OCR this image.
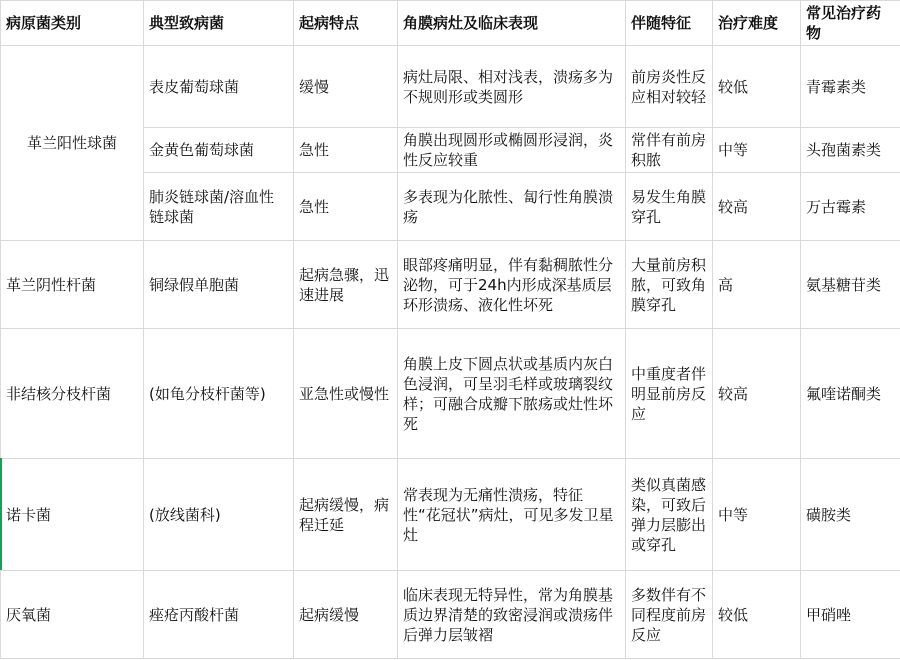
病原菌类别	典型致病菌	起病特点	角膜病灶及临床表现	伴随特征	治疗难度	常见治疗药物
革兰阳性球菌	表皮葡萄球菌	缓慢	病灶局限、相对浅表，溃疡多为不规则形或类圆形	前房炎性反应相对较轻	较低	青霉素类
	金黄色葡萄球菌	急性	角膜出现圆形或椭圆形浸润，炎性反应较重	常伴有前房积脓	中等	头孢菌素类
	肺炎链球菌/溶血性链球菌	急性	多表现为化脓性、匐行性角膜溃疡	易发生角膜穿孔	较高	万古霉素
革兰阴性杆菌	铜绿假单胞菌	起病急骤，迅速进展	眼部疼痛明显，伴有黏稠脓性分泌物，可于24h内形成深基质层环形溃疡、液化性坏死	大量前房积脓，可致角膜穿孔	高	氨基糖苷类
非结核分枝杆菌	(如龟分枝杆菌等)	亚急性或慢性	角膜上皮下圆点状或基质内灰白色浸润，可呈羽毛样或玻璃裂纹样；可融合成瓣下脓疡或灶性坏死	中重度者伴明显前房反应	较高	氟喹诺酮类
诺卡菌	(放线菌科)	起病缓慢，病程迁延	常表现为无痛性溃疡，特征性“花冠状”病灶，可见多发卫星灶	类似真菌感染，可致后弹力层膨出或穿孔	中等	磺胺类
厌氧菌	痤疮丙酸杆菌	起病缓慢	临床表现无特异性，常为角膜基质边界清楚的致密浸润或溃疡伴后弹力层皱褶	多数伴有不同程度前房反应	较低	甲硝唑
